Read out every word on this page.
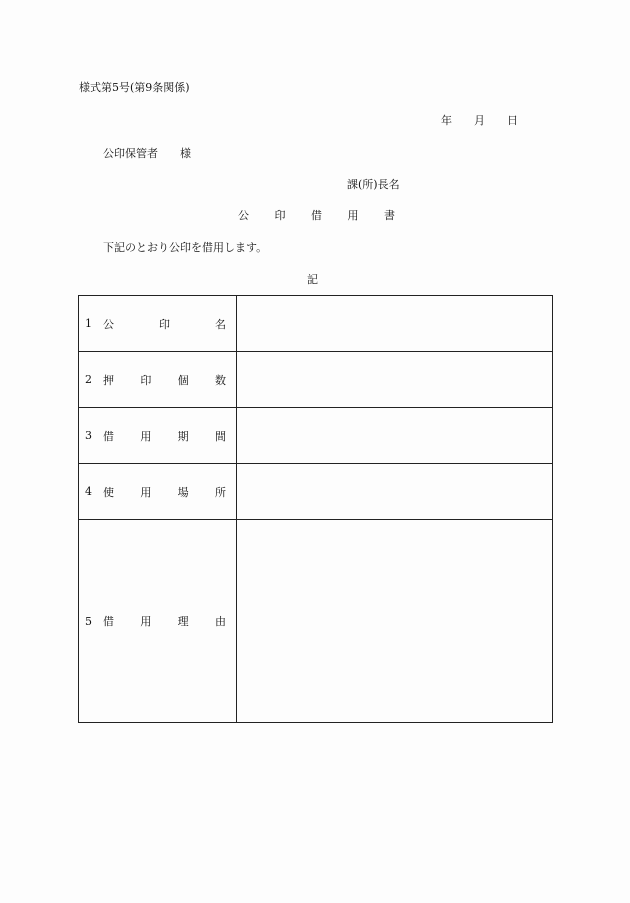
様式第5号(第9条関係)
年 月 日
公印保管者 様
課(所)長名
公 印 借 用 書
下記のとおり公印を借用します。
記
1 公 印 名	

2 押 印 個 数	

3 借 用 期 間	

4 使 用 場 所	

5 借 用 理 由	
